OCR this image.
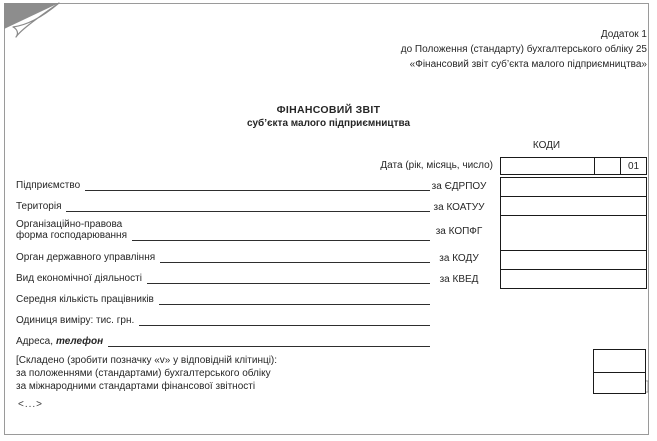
Додаток 1
до Положення (стандарту) бухгалтерського обліку 25
«Фінансовий звіт суб’єкта малого підприємництва»
ФІНАНСОВИЙ ЗВІТ
суб’єкта малого підприємництва
КОДИ
Дата (рік, місяць, число)	01
за ЄДРПОУ
за КОАТУУ
за КОПФГ
за КОДУ
за КВЕД
Підприємство
Територія
Організаційно-правова
форма господарювання
Орган державного управління
Вид економічної діяльності
Середня кількість працівників
Одиниця виміру: тис. грн.
Адреса, телефон
[Складено (зробити позначку «v» у відповідній клітинці):
за положеннями (стандартами) бухгалтерського обліку
за міжнародними стандартами фінансової звітності
<...>
]
